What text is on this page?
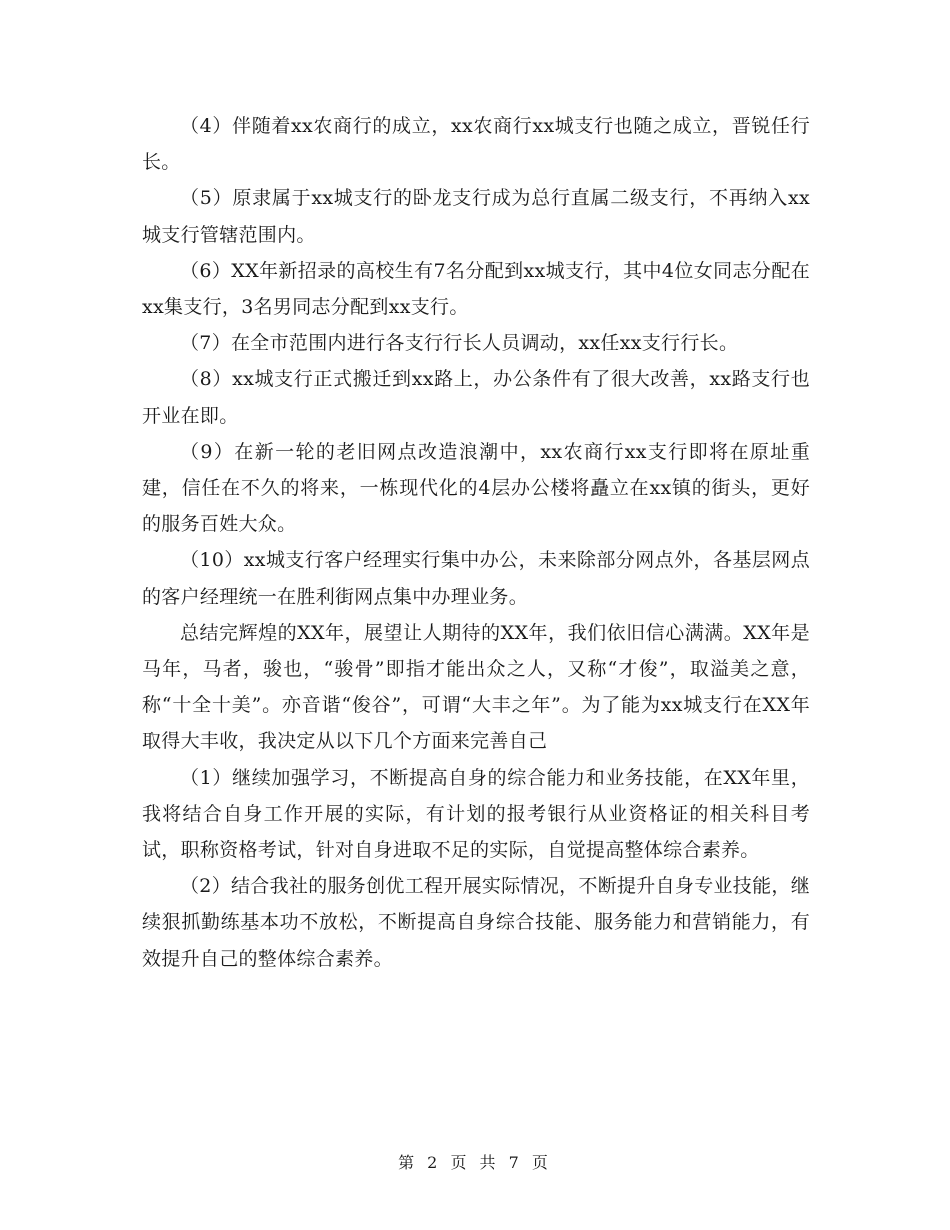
（4）伴随着xx农商行的成立，xx农商行xx城支行也随之成立，晋锐任行长。

（5）原隶属于xx城支行的卧龙支行成为总行直属二级支行，不再纳入xx城支行管辖范围内。

（6）XX年新招录的高校生有7名分配到xx城支行，其中4位女同志分配在xx集支行，3名男同志分配到xx支行。

（7）在全市范围内进行各支行行长人员调动，xx任xx支行行长。

（8）xx城支行正式搬迁到xx路上，办公条件有了很大改善，xx路支行也开业在即。

（9）在新一轮的老旧网点改造浪潮中，xx农商行xx支行即将在原址重建，信任在不久的将来，一栋现代化的4层办公楼将矗立在xx镇的街头，更好的服务百姓大众。

（10）xx城支行客户经理实行集中办公，未来除部分网点外，各基层网点的客户经理统一在胜利街网点集中办理业务。

总结完辉煌的XX年，展望让人期待的XX年，我们依旧信心满满。XX年是马年，马者，骏也，“骏骨”即指才能出众之人，又称“才俊”，取溢美之意，称“十全十美”。亦音谐“俊谷”，可谓“大丰之年”。为了能为xx城支行在XX年取得大丰收，我决定从以下几个方面来完善自己

（1）继续加强学习，不断提高自身的综合能力和业务技能，在XX年里，我将结合自身工作开展的实际，有计划的报考银行从业资格证的相关科目考试，职称资格考试，针对自身进取不足的实际，自觉提高整体综合素养。

（2）结合我社的服务创优工程开展实际情况，不断提升自身专业技能，继续狠抓勤练基本功不放松，不断提高自身综合技能、服务能力和营销能力，有效提升自己的整体综合素养。

第 2 页 共 7 页
